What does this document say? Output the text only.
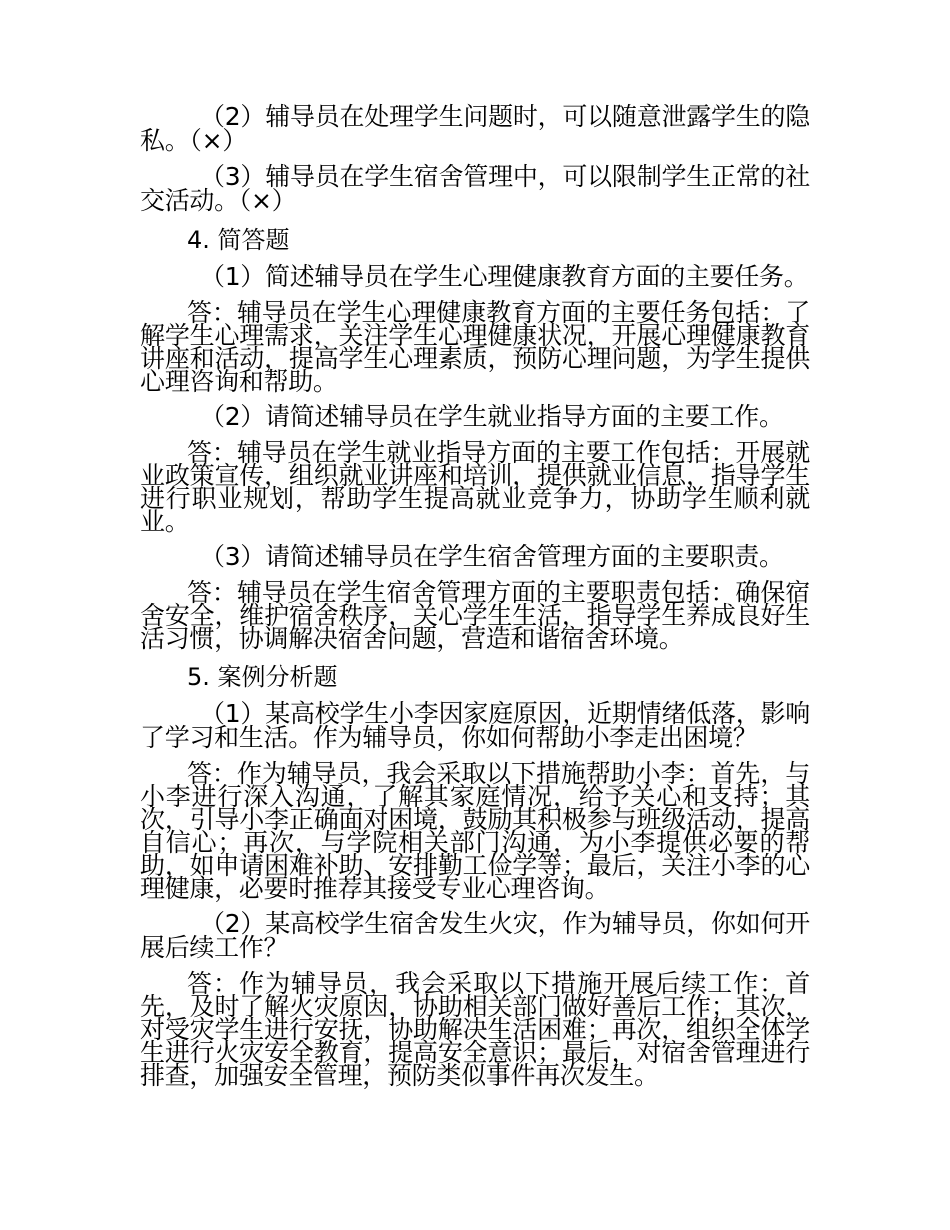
（2）辅导员在处理学生问题时，可以随意泄露学生的隐私。（×）

（3）辅导员在学生宿舍管理中，可以限制学生正常的社交活动。（×）

4. 简答题

（1）简述辅导员在学生心理健康教育方面的主要任务。

答：辅导员在学生心理健康教育方面的主要任务包括：了解学生心理需求，关注学生心理健康状况，开展心理健康教育讲座和活动，提高学生心理素质，预防心理问题，为学生提供心理咨询和帮助。

（2）请简述辅导员在学生就业指导方面的主要工作。

答：辅导员在学生就业指导方面的主要工作包括：开展就业政策宣传，组织就业讲座和培训，提供就业信息，指导学生进行职业规划，帮助学生提高就业竞争力，协助学生顺利就业。

（3）请简述辅导员在学生宿舍管理方面的主要职责。

答：辅导员在学生宿舍管理方面的主要职责包括：确保宿舍安全，维护宿舍秩序，关心学生生活，指导学生养成良好生活习惯，协调解决宿舍问题，营造和谐宿舍环境。

5. 案例分析题

（1）某高校学生小李因家庭原因，近期情绪低落，影响了学习和生活。作为辅导员，你如何帮助小李走出困境？

答：作为辅导员，我会采取以下措施帮助小李：首先，与小李进行深入沟通，了解其家庭情况，给予关心和支持；其次，引导小李正确面对困境，鼓励其积极参与班级活动，提高自信心；再次，与学院相关部门沟通，为小李提供必要的帮助，如申请困难补助、安排勤工俭学等；最后，关注小李的心理健康，必要时推荐其接受专业心理咨询。

（2）某高校学生宿舍发生火灾，作为辅导员，你如何开展后续工作？

答：作为辅导员，我会采取以下措施开展后续工作：首先，及时了解火灾原因，协助相关部门做好善后工作；其次，对受灾学生进行安抚，协助解决生活困难；再次，组织全体学生进行火灾安全教育，提高安全意识；最后，对宿舍管理进行排查，加强安全管理，预防类似事件再次发生。
